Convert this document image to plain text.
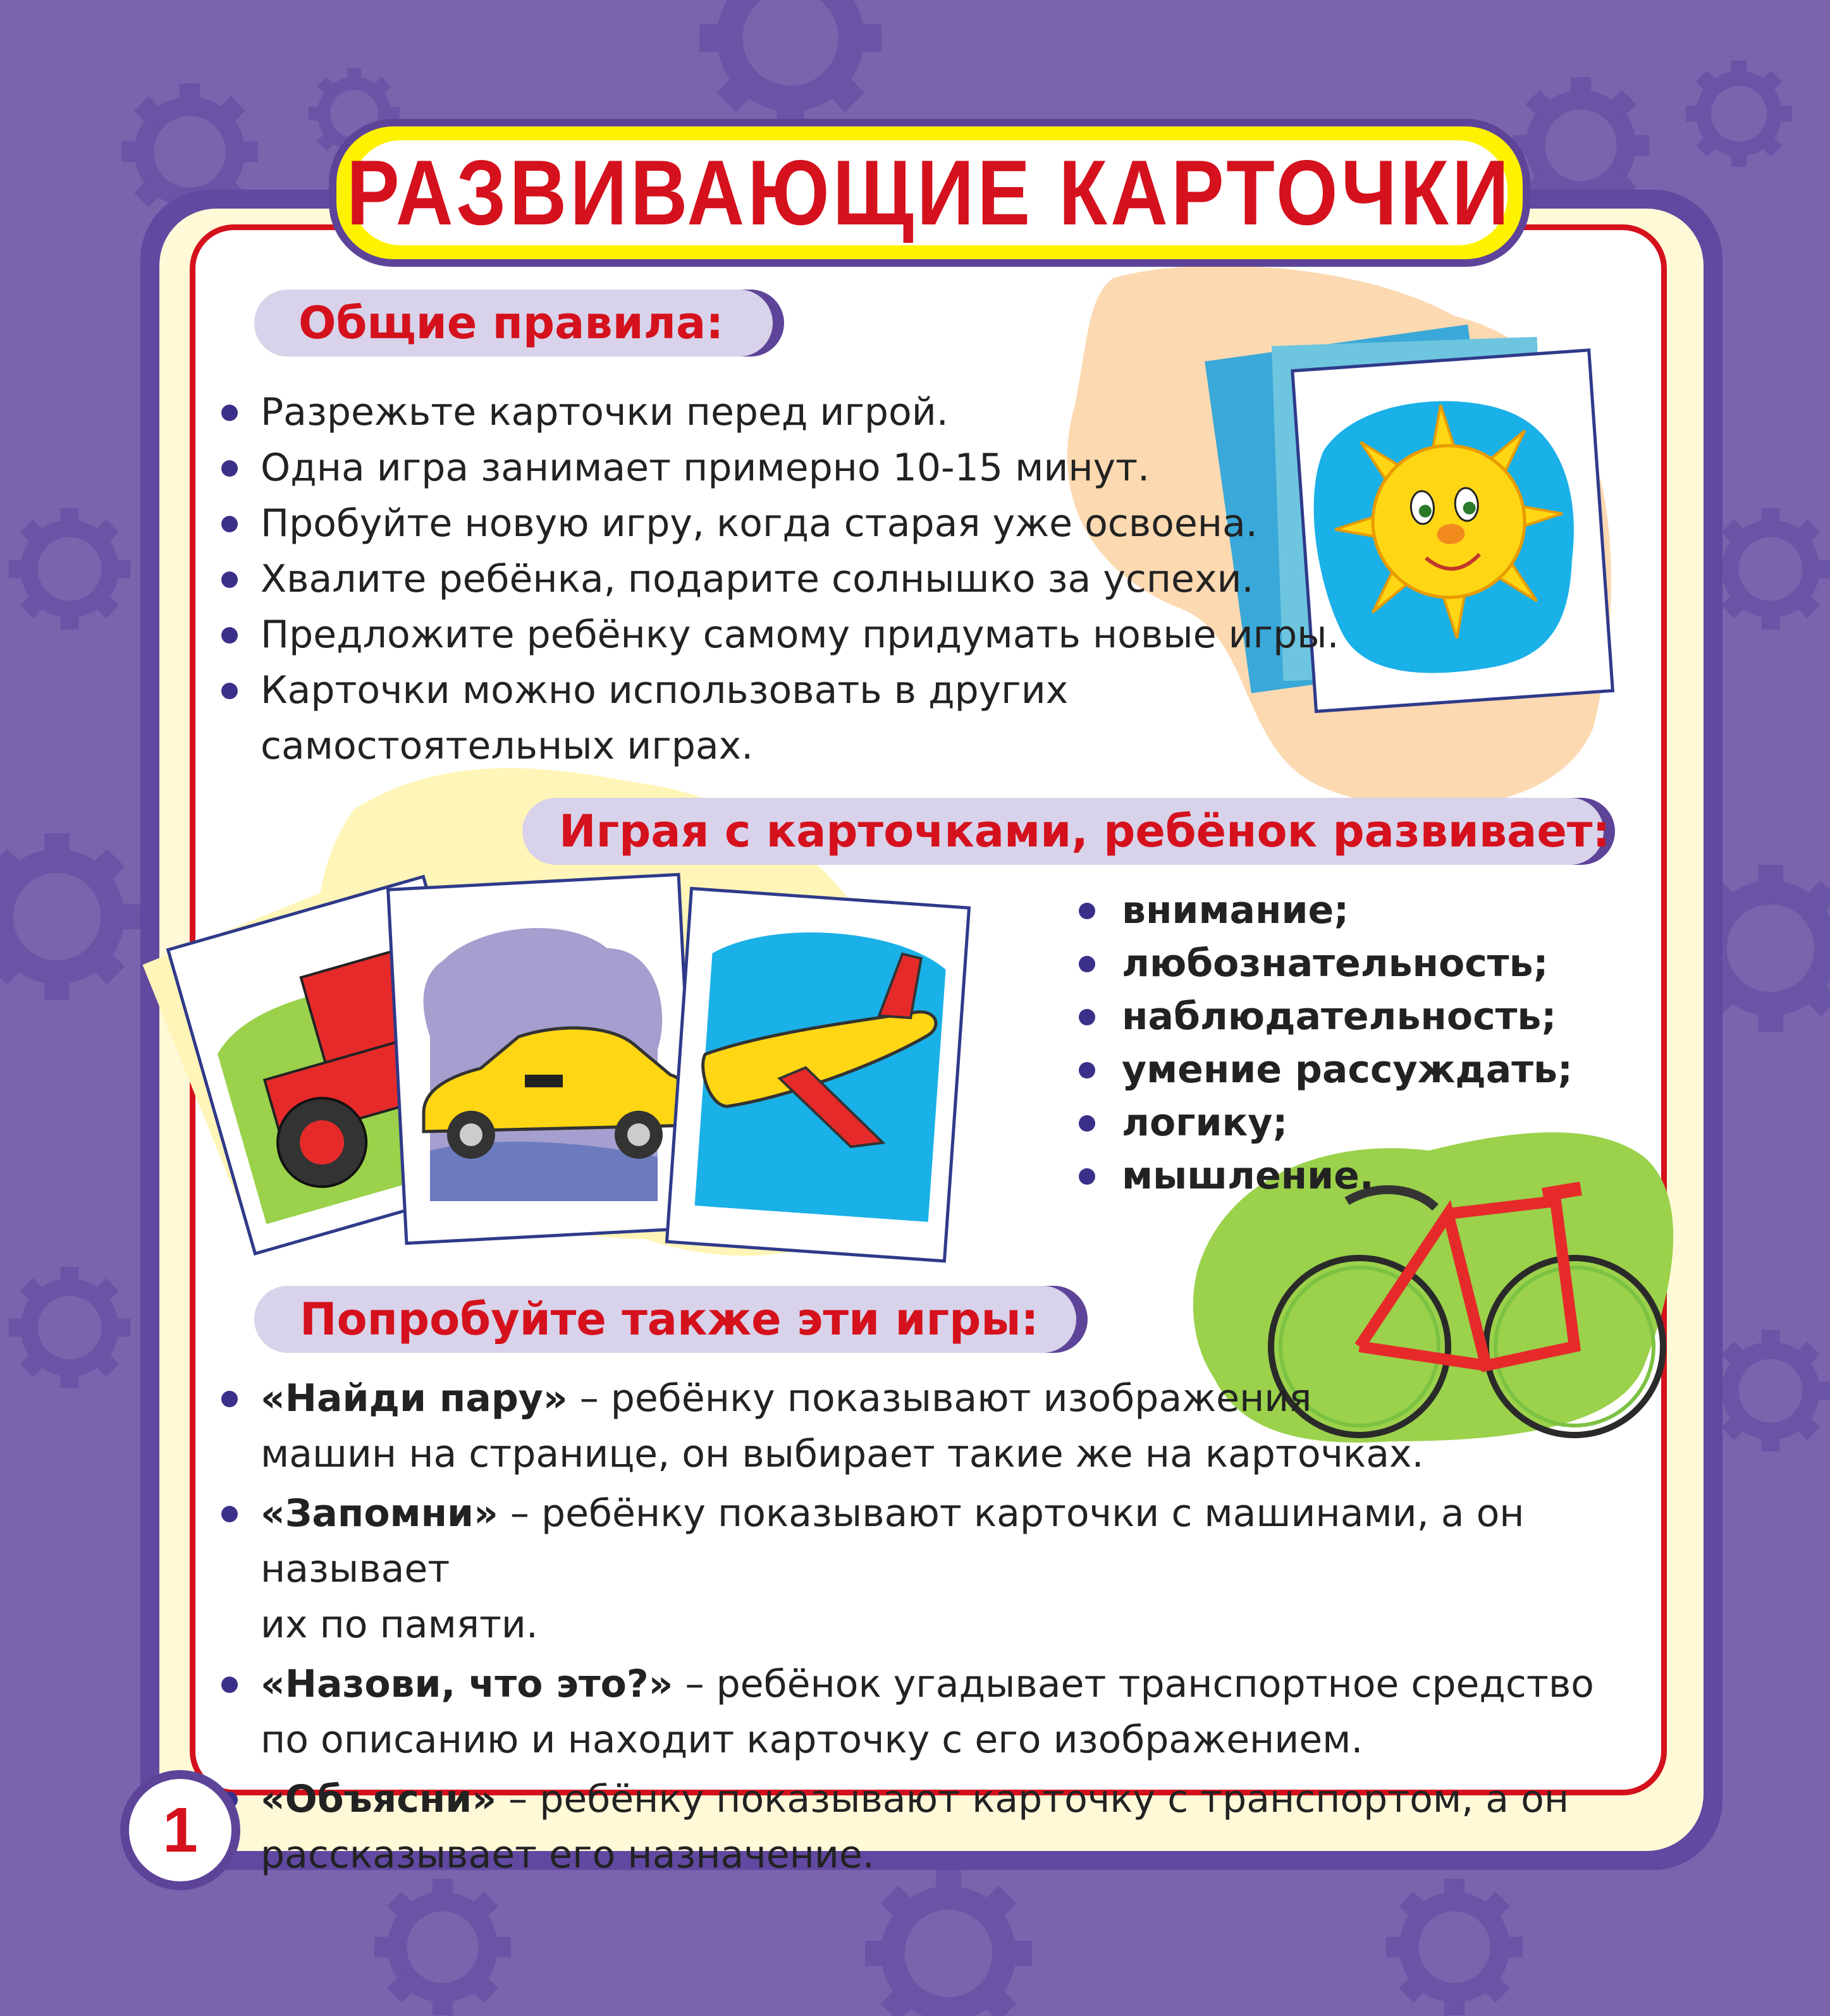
РАЗВИВАЮЩИЕ КАРТОЧКИ
Общие правила:
Разрежьте карточки перед игрой.
Одна игра занимает примерно 10-15 минут.
Пробуйте новую игру, когда старая уже освоена.
Хвалите ребёнка, подарите солнышко за успехи.
Предложите ребёнку самому придумать новые игры.
Карточки можно использовать в других
самостоятельных играх.
Играя с карточками, ребёнок развивает:
внимание;
любознательность;
наблюдательность;
умение рассуждать;
логику;
мышление.
Попробуйте также эти игры:
«Найди пару» – ребёнку показывают изображения
машин на странице, он выбирает такие же на карточках.
«Запомни» – ребёнку показывают карточки с машинами, а он называет
их по памяти.
«Назови, что это?» – ребёнок угадывает транспортное средство
по описанию и находит карточку с его изображением.
«Объясни» – ребёнку показывают карточку с транспортом, а он
рассказывает его назначение.
1
